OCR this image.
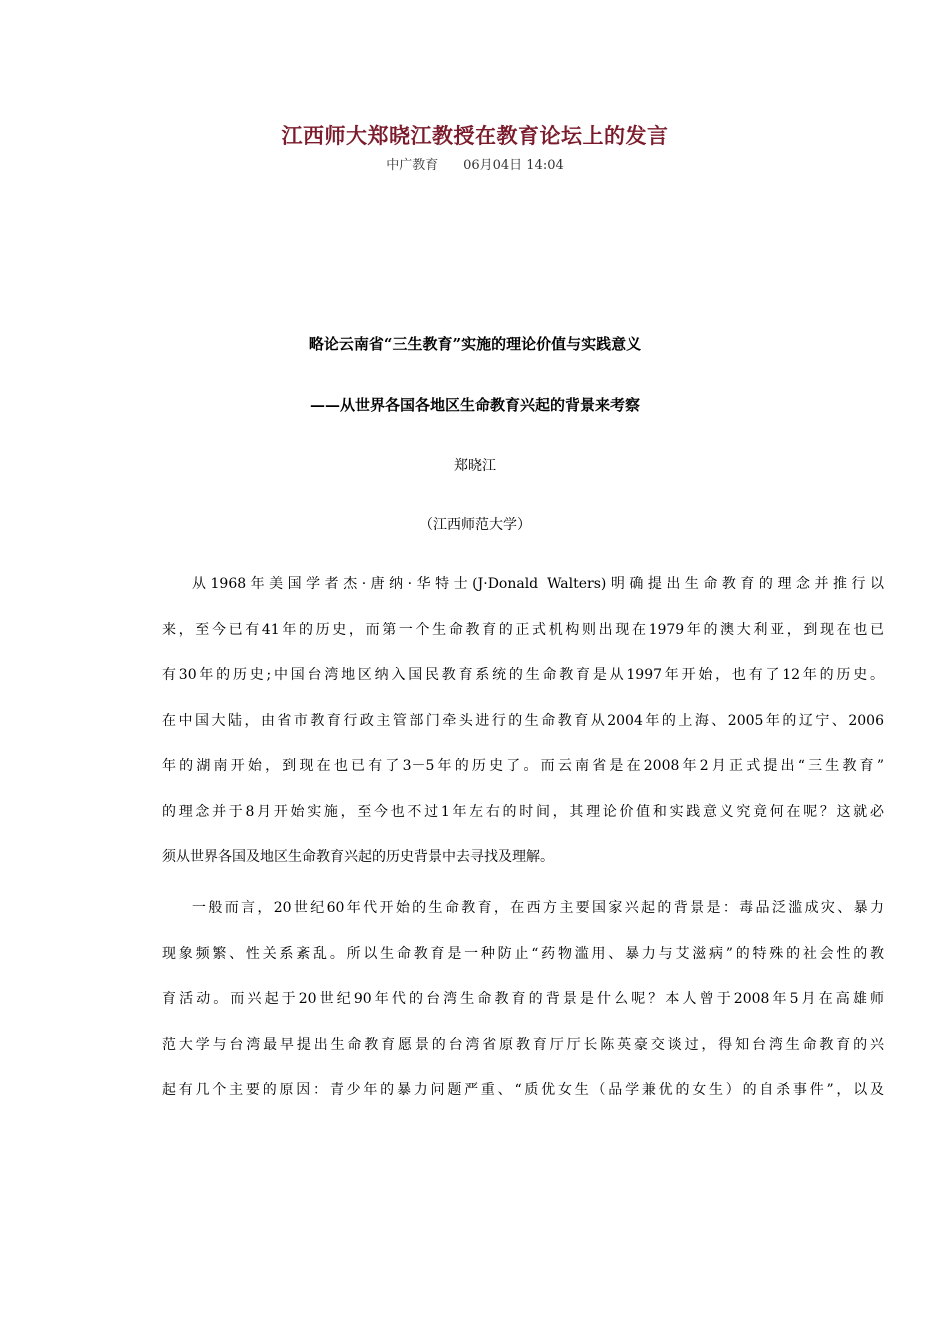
江西师大郑晓江教授在教育论坛上的发言
中广教育 06月04日 14:04
略论云南省“三生教育”实施的理论价值与实践意义
——从世界各国各地区生命教育兴起的背景来考察
郑晓江
（江西师范大学）
从1968年美国学者杰·唐纳·华特士(J·Donald Walters)明确提出生命教育的理念并推行以
来，至今已有41年的历史，而第一个生命教育的正式机构则出现在1979年的澳大利亚，到现在也已
有30年的历史;中国台湾地区纳入国民教育系统的生命教育是从1997年开始，也有了12年的历史。
在中国大陆，由省市教育行政主管部门牵头进行的生命教育从2004年的上海、2005年的辽宁、2006
年的湖南开始，到现在也已有了3－5年的历史了。而云南省是在2008年2月正式提出“三生教育”
的理念并于8月开始实施，至今也不过1年左右的时间，其理论价值和实践意义究竟何在呢？这就必
须从世界各国及地区生命教育兴起的历史背景中去寻找及理解。
一般而言，20世纪60年代开始的生命教育，在西方主要国家兴起的背景是：毒品泛滥成灾、暴力
现象频繁、性关系紊乱。所以生命教育是一种防止“药物滥用、暴力与艾滋病”的特殊的社会性的教
育活动。而兴起于20世纪90年代的台湾生命教育的背景是什么呢？本人曾于2008年5月在高雄师
范大学与台湾最早提出生命教育愿景的台湾省原教育厅厅长陈英豪交谈过，得知台湾生命教育的兴
起有几个主要的原因：青少年的暴力问题严重、“质优女生（品学兼优的女生）的自杀事件”，以及
